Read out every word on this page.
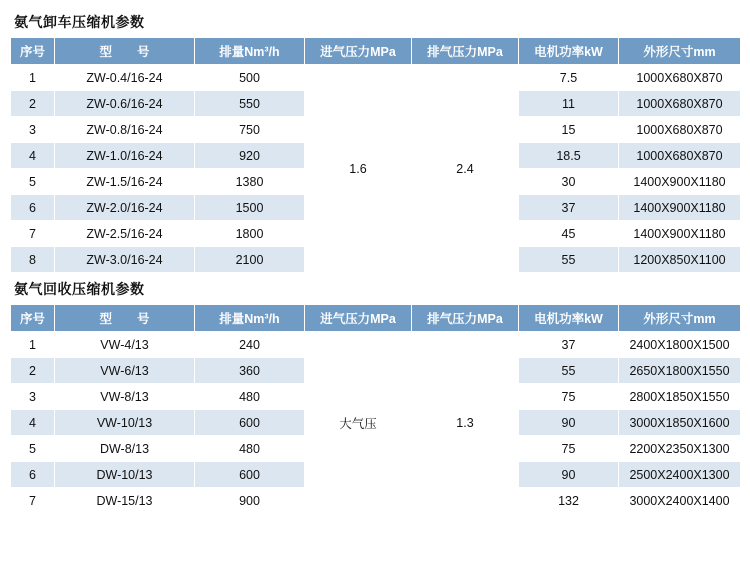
氨气卸车压缩机参数
序号	型　　号	排量Nm³/h	进气压力MPa	排气压力MPa	电机功率kW	外形尺寸mm
1	ZW-0.4/16-24	500	1.6	2.4	7.5	1000X680X870
2	ZW-0.6/16-24	550			11	1000X680X870
3	ZW-0.8/16-24	750			15	1000X680X870
4	ZW-1.0/16-24	920			18.5	1000X680X870
5	ZW-1.5/16-24	1380			30	1400X900X1180
6	ZW-2.0/16-24	1500			37	1400X900X1180
7	ZW-2.5/16-24	1800			45	1400X900X1180
8	ZW-3.0/16-24	2100			55	1200X850X1100
氨气回收压缩机参数
序号	型　　号	排量Nm³/h	进气压力MPa	排气压力MPa	电机功率kW	外形尺寸mm
1	VW-4/13	240	大气压	1.3	37	2400X1800X1500
2	VW-6/13	360			55	2650X1800X1550
3	VW-8/13	480			75	2800X1850X1550
4	VW-10/13	600			90	3000X1850X1600
5	DW-8/13	480			75	2200X2350X1300
6	DW-10/13	600			90	2500X2400X1300
7	DW-15/13	900			132	3000X2400X1400
